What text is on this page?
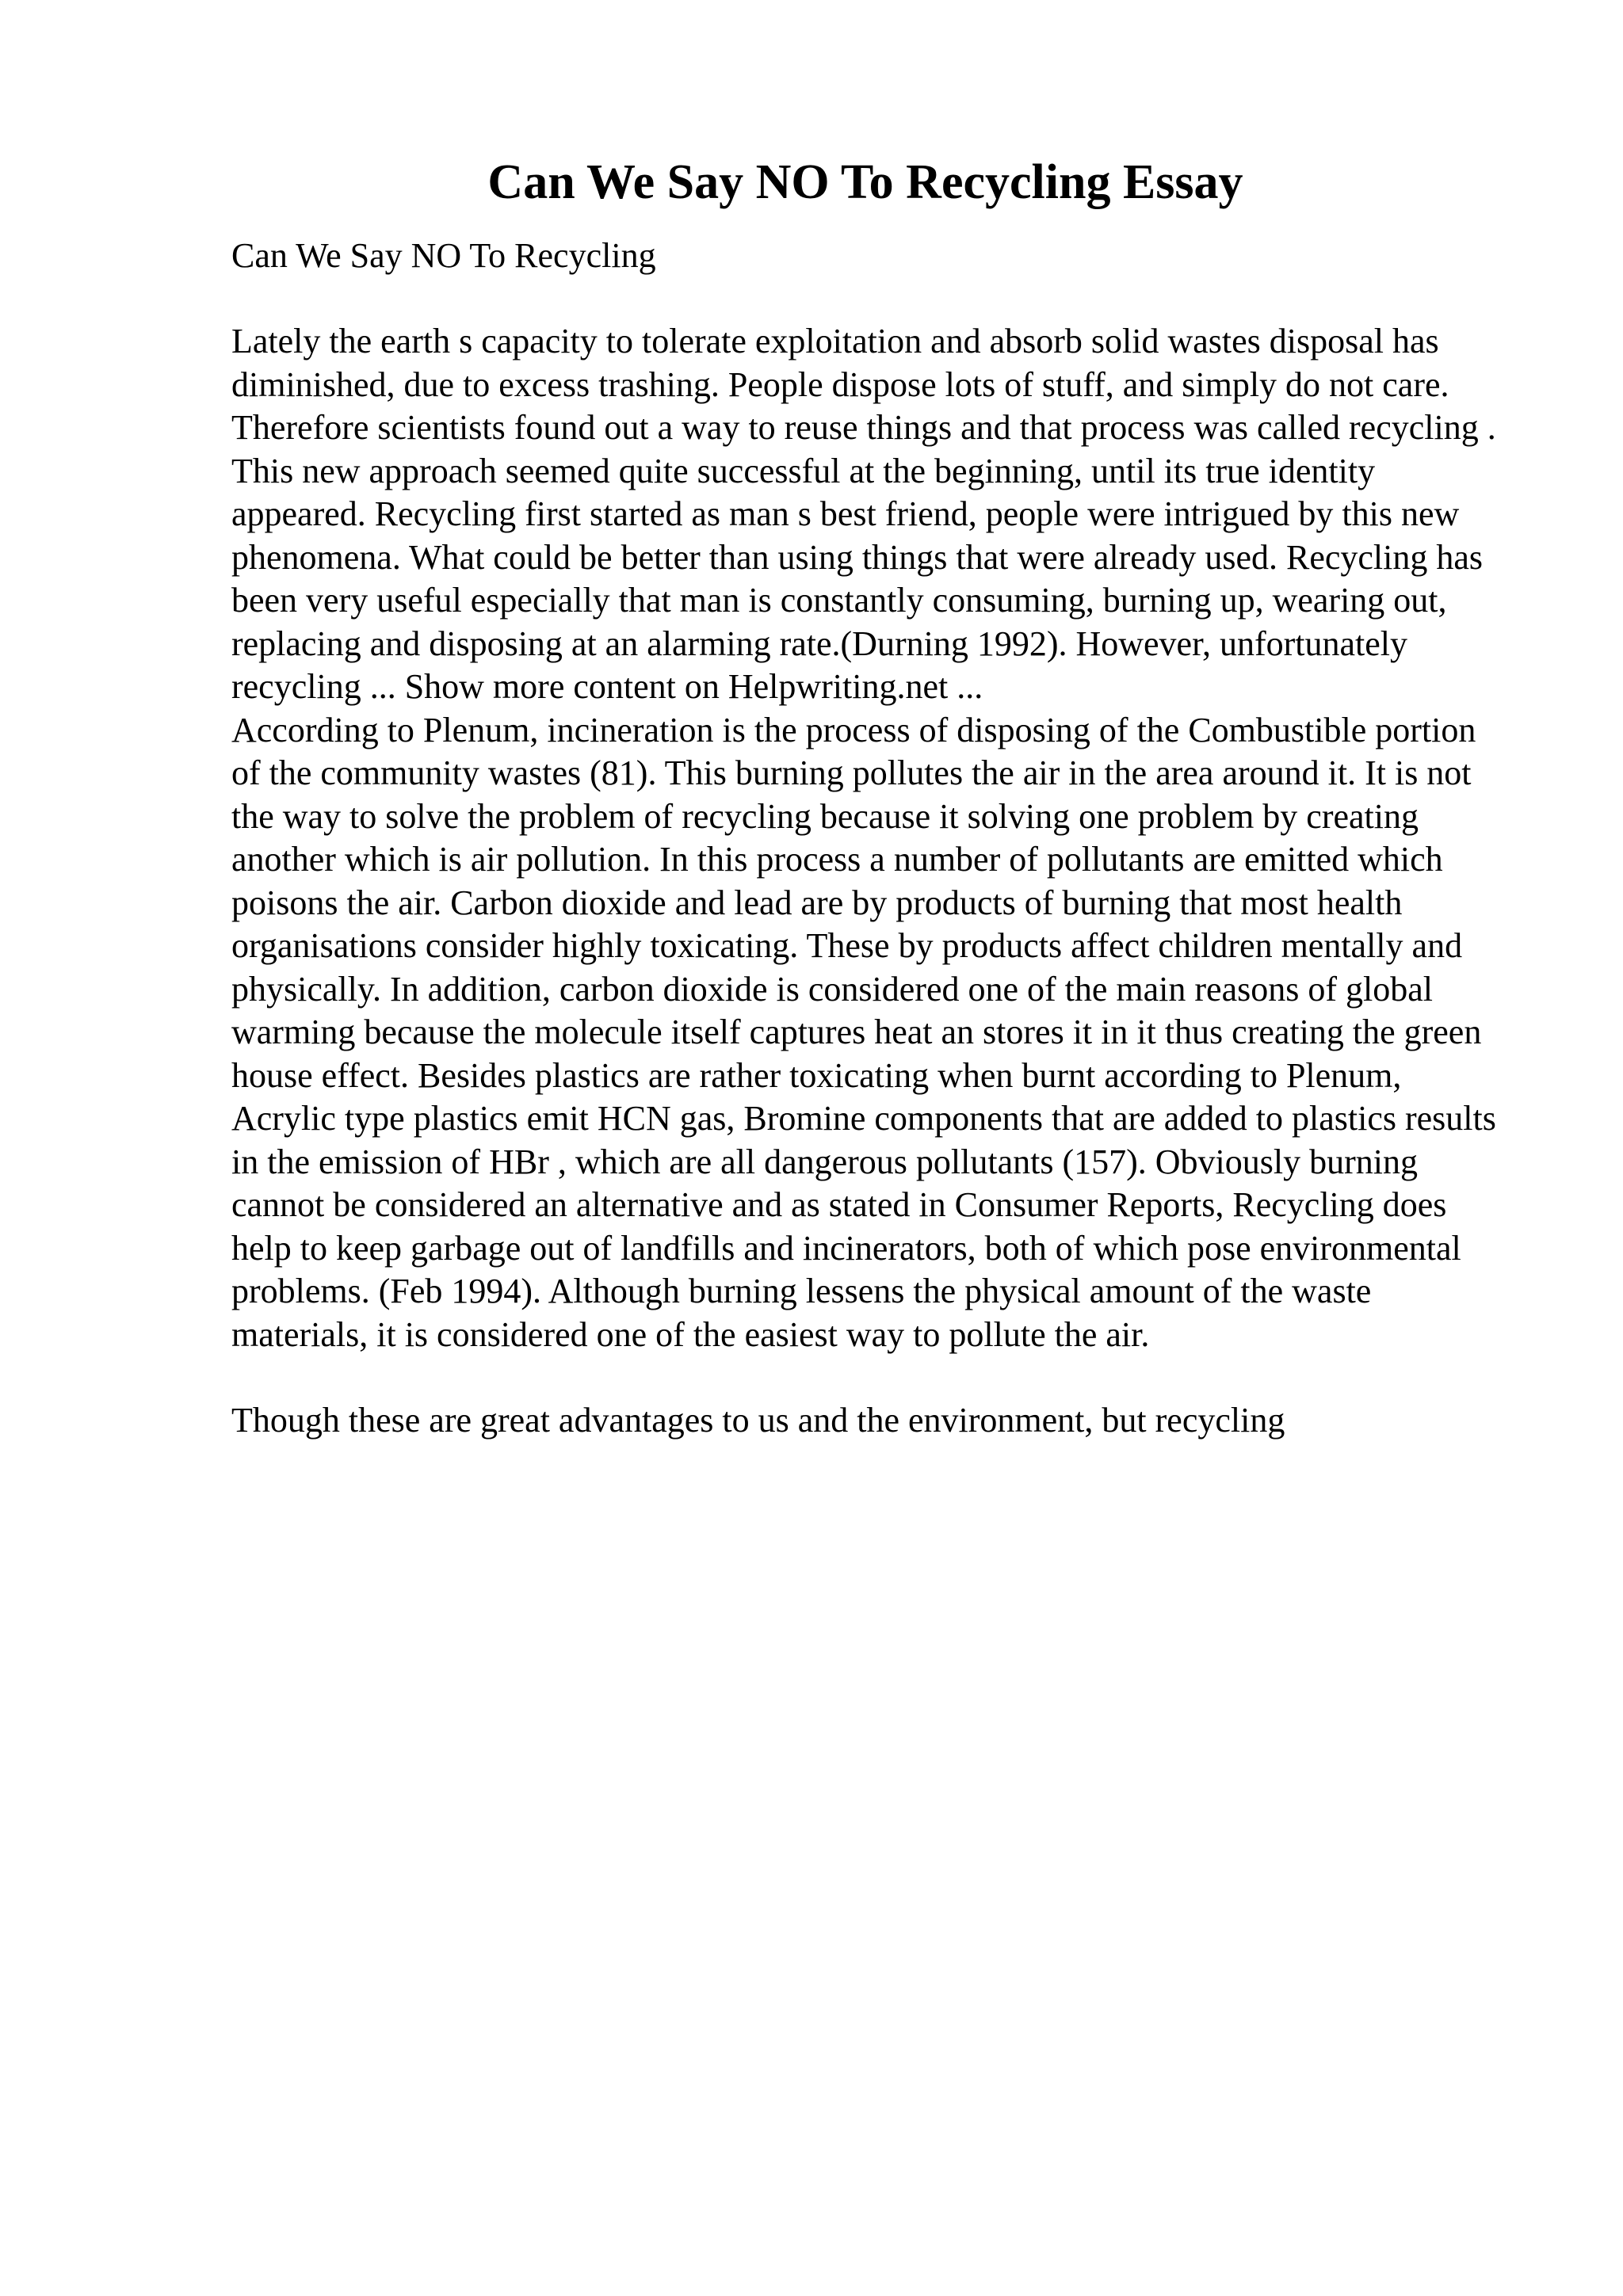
Can We Say NO To Recycling Essay

Can We Say NO To Recycling

Lately the earth s capacity to tolerate exploitation and absorb solid wastes disposal has diminished, due to excess trashing. People dispose lots of stuff, and simply do not care. Therefore scientists found out a way to reuse things and that process was called recycling . This new approach seemed quite successful at the beginning, until its true identity appeared. Recycling first started as man s best friend, people were intrigued by this new phenomena. What could be better than using things that were already used. Recycling has been very useful especially that man is constantly consuming, burning up, wearing out, replacing and disposing at an alarming rate.(Durning 1992). However, unfortunately recycling ... Show more content on Helpwriting.net ...

According to Plenum, incineration is the process of disposing of the Combustible portion of the community wastes (81). This burning pollutes the air in the area around it. It is not the way to solve the problem of recycling because it solving one problem by creating another which is air pollution. In this process a number of pollutants are emitted which poisons the air. Carbon dioxide and lead are by products of burning that most health organisations consider highly toxicating. These by products affect children mentally and physically. In addition, carbon dioxide is considered one of the main reasons of global warming because the molecule itself captures heat an stores it in it thus creating the green house effect. Besides plastics are rather toxicating when burnt according to Plenum, Acrylic type plastics emit HCN gas, Bromine components that are added to plastics results in the emission of HBr , which are all dangerous pollutants (157). Obviously burning cannot be considered an alternative and as stated in Consumer Reports, Recycling does help to keep garbage out of landfills and incinerators, both of which pose environmental problems. (Feb 1994). Although burning lessens the physical amount of the waste materials, it is considered one of the easiest way to pollute the air.

Though these are great advantages to us and the environment, but recycling
